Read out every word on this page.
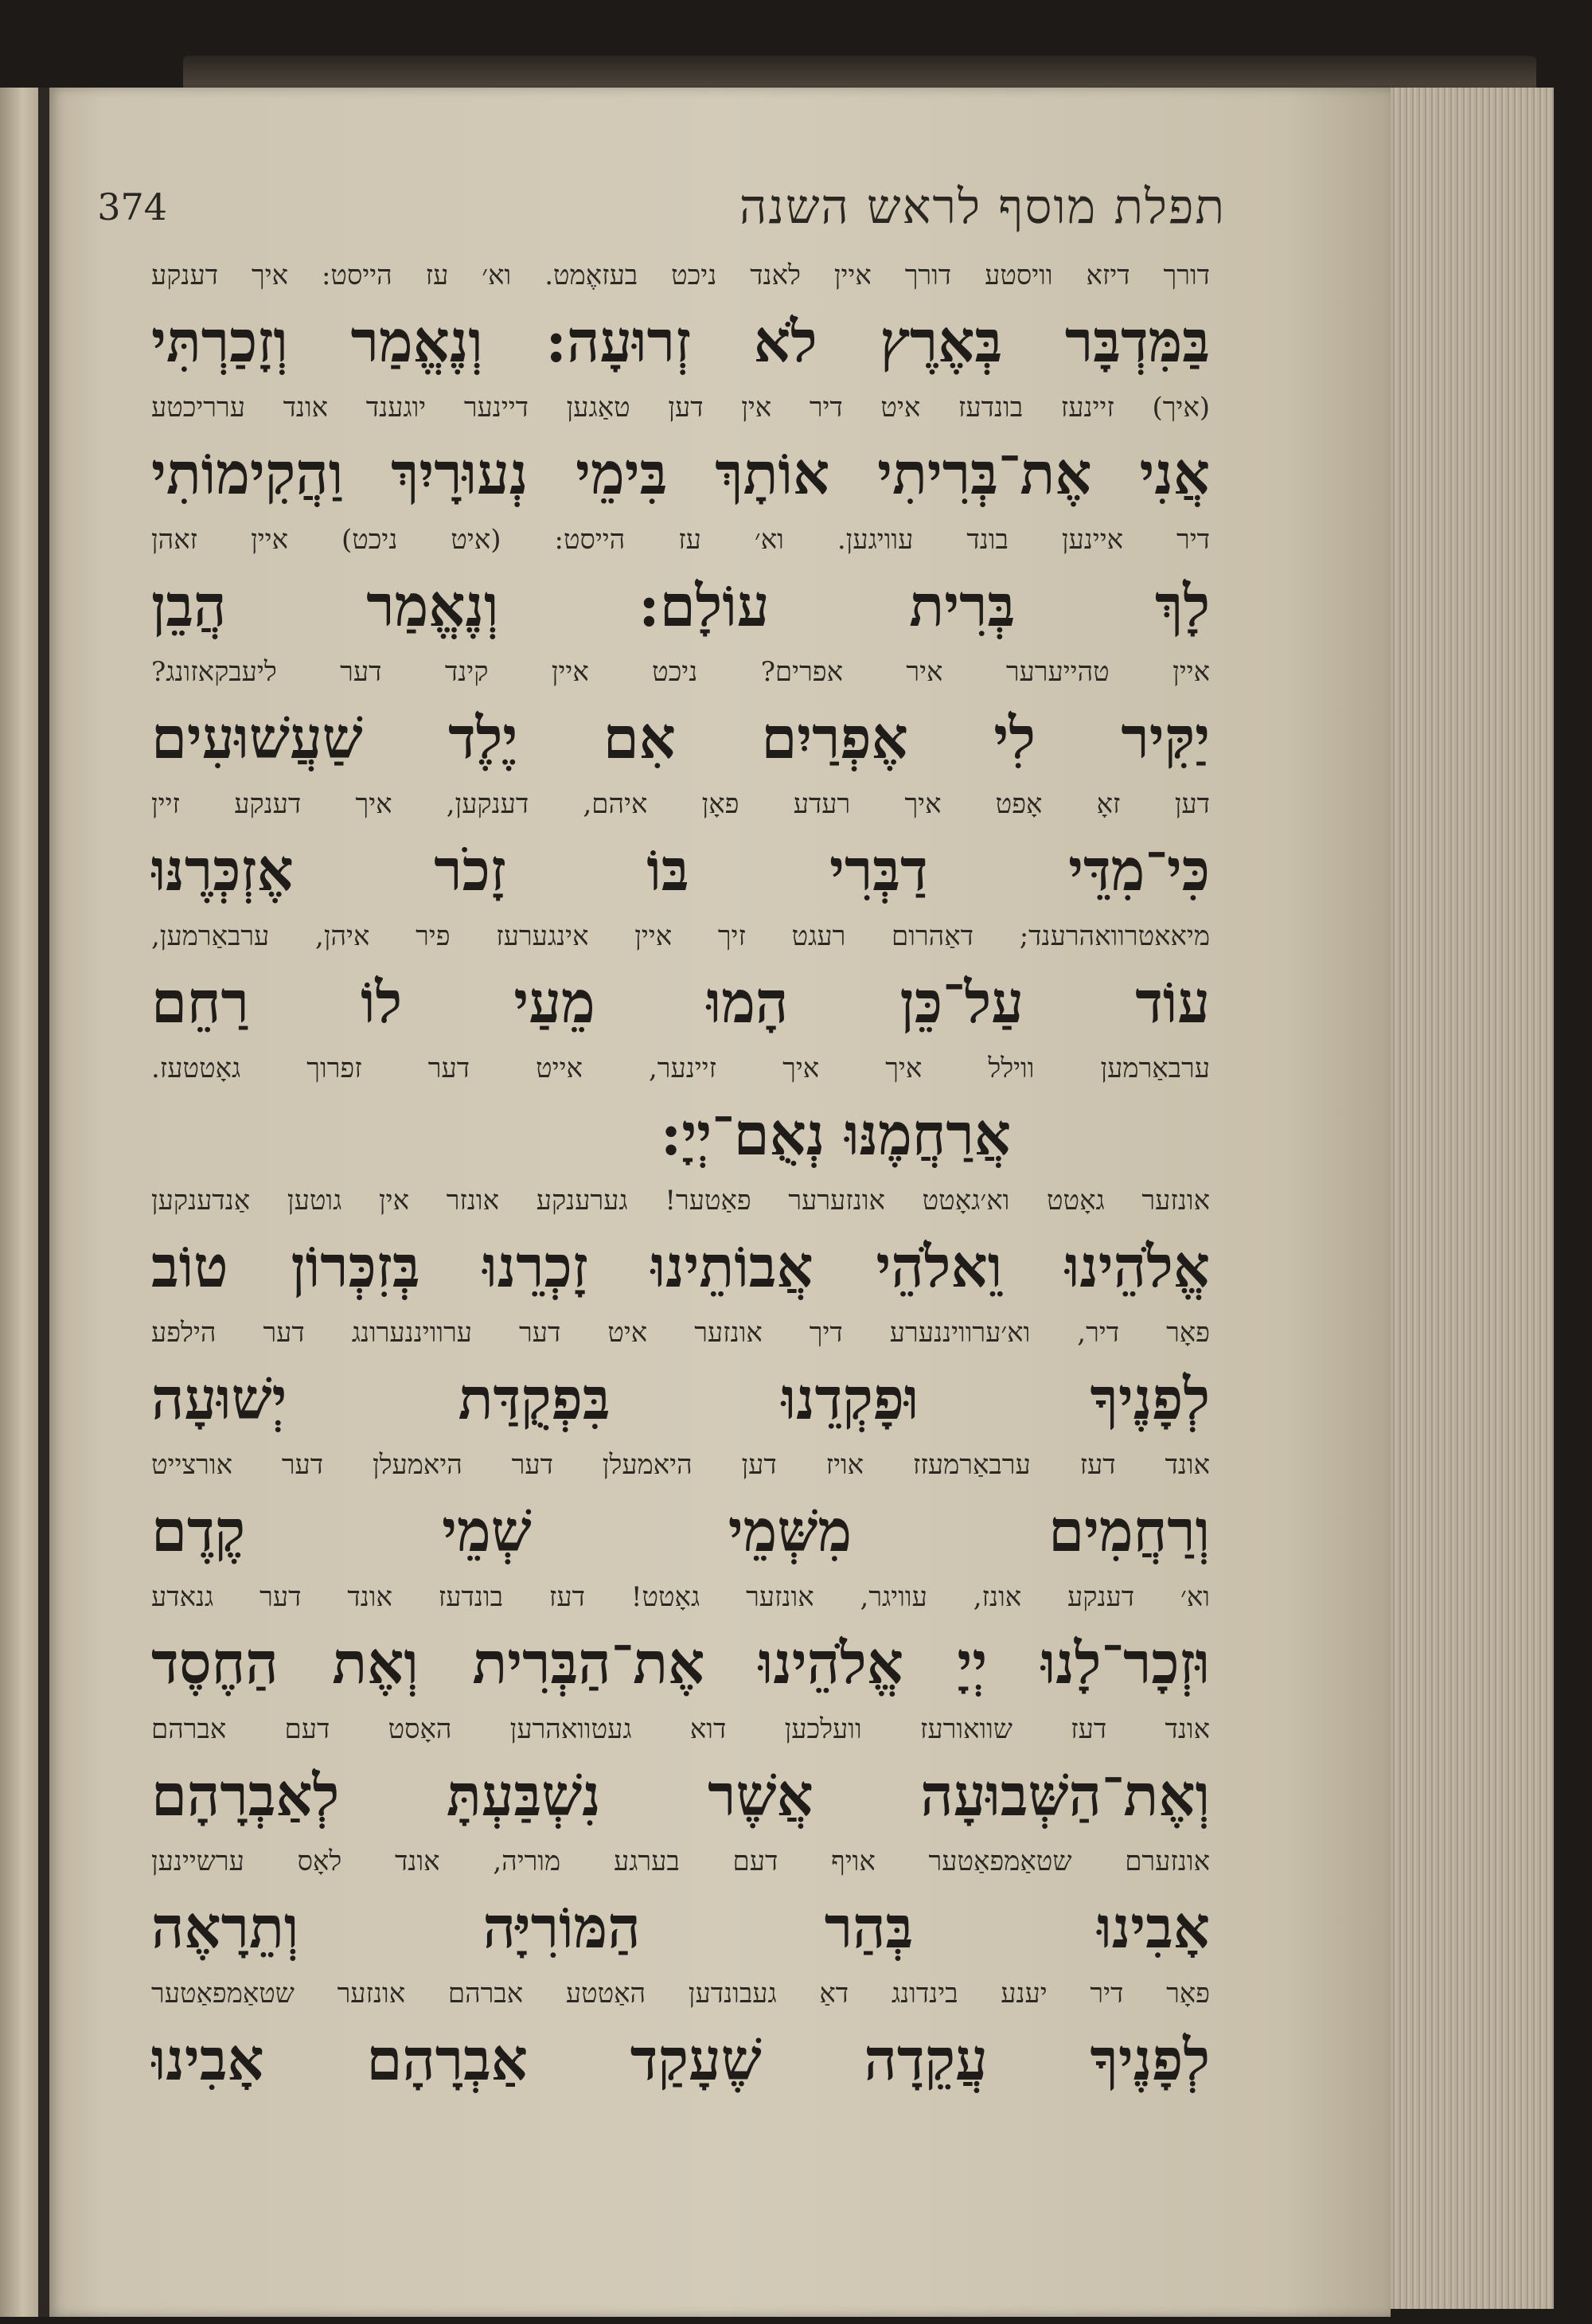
תפלת מוסף לראש השנה
374

דורך דיזא וויסטע דורך איין לאנד ניכט בעזאֶמט. וא׳ עז הייסט: איך דענקע

בַּמִּדְבָּר בְּאֶרֶץ לֹא זְרוּעָה: וְנֶאֱמַר וְזָכַרְתִּי

(איך) זיינעז בונדעז איט דיר אין דען טאַגען דיינער יוגענד אונד ערריכטע

אֲנִי אֶת־בְּרִיתִי אוֹתָךְ בִּימֵי נְעוּרָיִךְ וַהֲקִימוֹתִי

דיר איינען בונד עוויגען. וא׳ עז הייסט: (איט ניכט) איין זאהן

לָךְ בְּרִית עוֹלָם: וְנֶאֱמַר הֲבֵן

איין טהייערער איר אפרים? ניכט איין קינד דער ליעבקאזונג?

יַקִּיר לִי אֶפְרַיִם אִם יֶלֶד שַׁעֲשׁוּעִים

דען זאָ אָפט איך רעדע פאָן איהם, דענקען, איך דענקע זיין

כִּי־מִדֵּי דַבְּרִי בּוֹ זָכֹר אֶזְכְּרֶנּוּ

מיאאטרוואהרענד; דאַהרום רעגט זיך איין אינגערעז פיר איהן, ערבאַרמען,

עוֹד עַל־כֵּן הָמוּ מֵעַי לוֹ רַחֵם

ערבאַרמען ווילל איך איך זיינער, אייט דער זפרוך גאָטטעז.

אֲרַחֲמֶנּוּ נְאֻם־יְיָ:

אונזער גאָטט וא׳גאָטט אונזערער פאַטער! גערענקע אונזר אין גוטען אַנדענקען

אֱלֹהֵינוּ וֵאלֹהֵי אֲבוֹתֵינוּ זָכְרֵנוּ בְּזִכְּרוֹן טוֹב

פאָר דיר, וא׳ערוויננערע דיך אונזער איט דער ערוויננערונג דער הילפע

לְפָנֶיךָ וּפָקְדֵנוּ בִּפְקֻדַּת יְשׁוּעָה

אונד דעז ערבאַרמעזז אויז דען היאמעלן דער היאמעלן דער אורצייט

וְרַחֲמִים מִשְּׁמֵי שְׁמֵי קֶדֶם

וא׳ דענקע אונז, עוויגר, אונזער גאָטט! דעז בונדעז אונד דער גנאדע

וּזְכָר־לָנוּ יְיָ אֱלֹהֵינוּ אֶת־הַבְּרִית וְאֶת הַחֶסֶד

אונד דעז שוואורעז וועלכען דוא געטוואהרען האָסט דעם אברהם

וְאֶת־הַשְּׁבוּעָה אֲשֶׁר נִשְׁבַּעְתָּ לְאַבְרָהָם

אונזערם שטאַמפאַטער אויף דעם בערגע מוריה, אונד לאָס ערשיינען

אָבִינוּ בְּהַר הַמּוֹרִיָּה וְתֵרָאֶה

פאָר דיר יענע בינדונג דאַ געבונדען האַטטע אברהם אונזער שטאַמפאַטער

לְפָנֶיךָ עֲקֵדָה שֶׁעָקַד אַבְרָהָם אָבִינוּ
